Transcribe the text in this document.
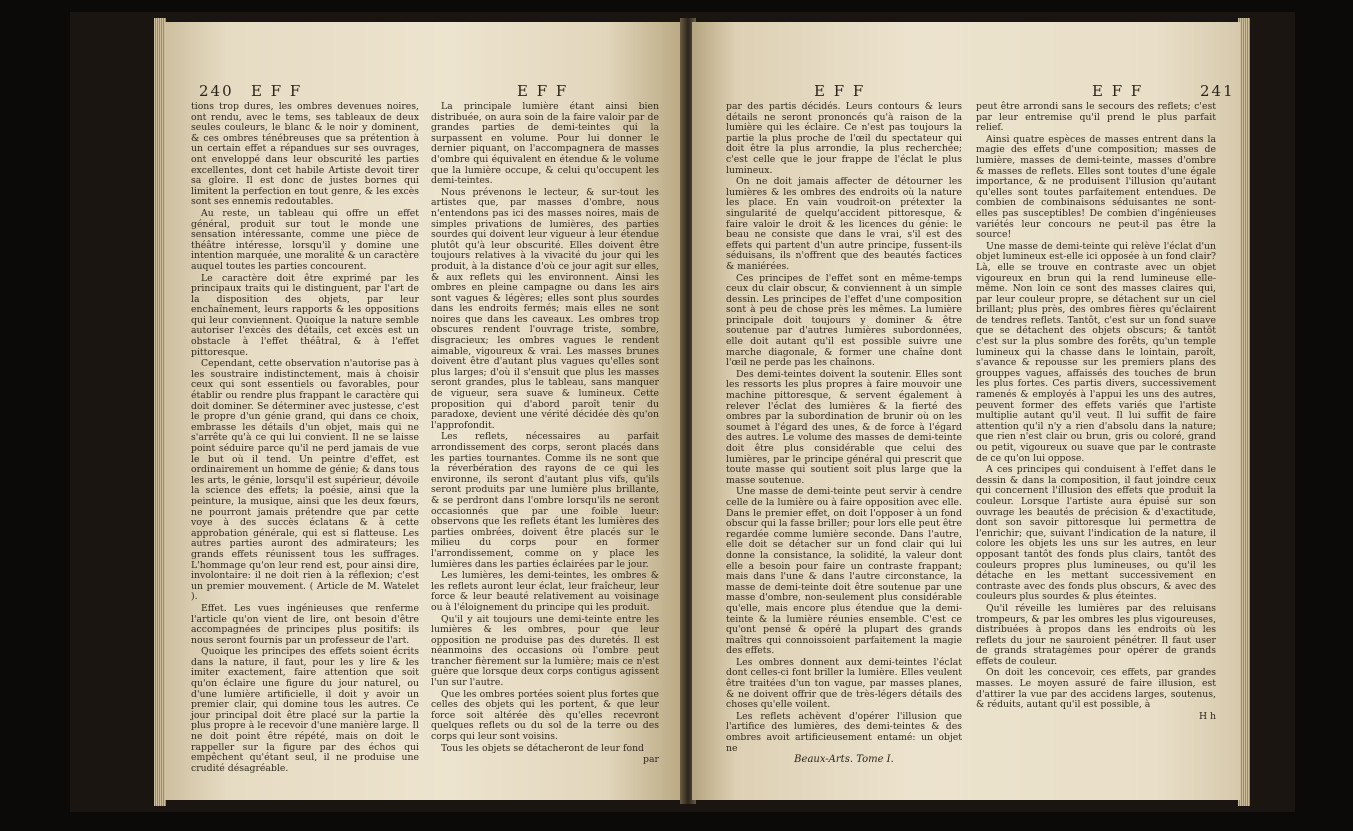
240 E F F	E F F

tions trop dures, les ombres devenues noires, ont rendu, avec le tems, ses tableaux de deux seules couleurs, le blanc & le noir y dominent, & ces ombres ténébreuses que sa prétention à un certain effet a répandues sur ses ouvrages, ont enveloppé dans leur obscurité les parties excellentes, dont cet habile Artiste devoit tirer sa gloire. Il est donc de justes bornes qui limitent la perfection en tout genre, & les excès sont ses ennemis redoutables.

Au reste, un tableau qui offre un effet général, produit sur tout le monde une sensation intéressante, comme une pièce de théâtre intéresse, lorsqu'il y domine une intention marquée, une moralité & un caractère auquel toutes les parties concourent.

Le caractère doit être exprimé par les principaux traits qui le distinguent, par l'art de la disposition des objets, par leur enchaînement, leurs rapports & les oppositions qui leur conviennent. Quoique la nature semble autoriser l'excès des détails, cet excès est un obstacle à l'effet théâtral, & à l'effet pittoresque.

Cependant, cette observation n'autorise pas à les soustraire indistinctement, mais à choisir ceux qui sont essentiels ou favorables, pour établir ou rendre plus frappant le caractère qui doit dominer. Se déterminer avec justesse, c'est le propre d'un génie grand, qui dans ce choix, embrasse les détails d'un objet, mais qui ne s'arrête qu'à ce qui lui convient. Il ne se laisse point séduire parce qu'il ne perd jamais de vue le but où il tend. Un peintre d'effet, est ordinairement un homme de génie; & dans tous les arts, le génie, lorsqu'il est supérieur, dévoile la science des effets; la poésie, ainsi que la peinture, la musique, ainsi que les deux fœurs, ne pourront jamais prétendre que par cette voye à des succès éclatans & à cette approbation générale, qui est si flatteuse. Les autres parties auront des admirateurs; les grands effets réunissent tous les suffrages. L'hommage qu'on leur rend est, pour ainsi dire, involontaire: il ne doit rien à la réflexion; c'est un premier mouvement. ( Article de M. Watelet ).

Effet. Les vues ingénieuses que renferme l'article qu'on vient de lire, ont besoin d'être accompagnées de principes plus positifs: ils nous seront fournis par un professeur de l'art.

Quoique les principes des effets soient écrits dans la nature, il faut, pour les y lire & les imiter exactement, faire attention que soit qu'on éclaire une figure du jour naturel, ou d'une lumière artificielle, il doit y avoir un premier clair, qui domine tous les autres. Ce jour principal doit être placé sur la partie la plus propre à le recevoir d'une manière large. Il ne doit point être répété, mais on doit le rappeller sur la figure par des échos qui empêchent qu'étant seul, il ne produise une crudité désagréable.

La principale lumière étant ainsi bien distribuée, on aura soin de la faire valoir par de grandes parties de demi-teintes qui la surpassent en volume. Pour lui donner le dernier piquant, on l'accompagnera de masses d'ombre qui équivalent en étendue & le volume que la lumière occupe, & celui qu'occupent les demi-teintes.

Nous prévenons le lecteur, & sur-tout les artistes que, par masses d'ombre, nous n'entendons pas ici des masses noires, mais de simples privations de lumières, des parties sourdes qui doivent leur vigueur à leur étendue plutôt qu'à leur obscurité. Elles doivent être toujours relatives à la vivacité du jour qui les produit, à la distance d'où ce jour agit sur elles, & aux reflets qui les environnent. Ainsi les ombres en pleine campagne ou dans les airs sont vagues & légères; elles sont plus sourdes dans les endroits fermés; mais elles ne sont noires que dans les caveaux. Les ombres trop obscures rendent l'ouvrage triste, sombre, disgracieux; les ombres vagues le rendent aimable, vigoureux & vrai. Les masses brunes doivent être d'autant plus vagues qu'elles sont plus larges; d'où il s'ensuit que plus les masses seront grandes, plus le tableau, sans manquer de vigueur, sera suave & lumineux. Cette proposition qui d'abord paroît tenir du paradoxe, devient une vérité décidée dès qu'on l'approfondit.

Les reflets, nécessaires au parfait arrondissement des corps, seront placés dans les parties tournantes. Comme ils ne sont que la réverbération des rayons de ce qui les environne, ils seront d'autant plus vifs, qu'ils seront produits par une lumière plus brillante, & se perdront dans l'ombre lorsqu'ils ne seront occasionnés que par une foible lueur: observons que les reflets étant les lumières des parties ombrées, doivent être placés sur le milieu du corps pour en former l'arrondissement, comme on y place les lumières dans les parties éclairées par le jour.

Les lumières, les demi-teintes, les ombres & les reflets auront leur éclat, leur fraîcheur, leur force & leur beauté relativement au voisinage ou à l'éloignement du principe qui les produit.

Qu'il y ait toujours une demi-teinte entre les lumières & les ombres, pour que leur opposition ne produise pas des duretés. Il est néanmoins des occasions où l'ombre peut trancher fièrement sur la lumière; mais ce n'est guère que lorsque deux corps contigus agissent l'un sur l'autre.

Que les ombres portées soient plus fortes que celles des objets qui les portent, & que leur force soit altérée dès qu'elles recevront quelques reflets ou du sol de la terre ou des corps qui leur sont voisins.

Tous les objets se détacheront de leur fond

par
E F F	E F F	241

par des partis décidés. Leurs contours & leurs détails ne seront prononcés qu'à raison de la lumière qui les éclaire. Ce n'est pas toujours la partie la plus proche de l'œil du spectateur qui doit être la plus arrondie, la plus recherchée; c'est celle que le jour frappe de l'éclat le plus lumineux.

On ne doit jamais affecter de détourner les lumières & les ombres des endroits où la nature les place. En vain voudroit-on prétexter la singularité de quelqu'accident pittoresque, & faire valoir le droit & les licences du génie: le beau ne consiste que dans le vrai, s'il est des effets qui partent d'un autre principe, fussent-ils séduisans, ils n'offrent que des beautés factices & maniérées.

Ces principes de l'effet sont en même-temps ceux du clair obscur, & conviennent à un simple dessin. Les principes de l'effet d'une composition sont à peu de chose près les mêmes. La lumière principale doit toujours y dominer & être soutenue par d'autres lumières subordonnées, elle doit autant qu'il est possible suivre une marche diagonale, & former une chaîne dont l'œil ne perde pas les chaînons.

Des demi-teintes doivent la soutenir. Elles sont les ressorts les plus propres à faire mouvoir une machine pittoresque, & servent également à relever l'éclat des lumières & la fierté des ombres par la subordination de brunir où on les soumet à l'égard des unes, & de force à l'égard des autres. Le volume des masses de demi-teinte doit être plus considérable que celui des lumières, par le principe général qui prescrit que toute masse qui soutient soit plus large que la masse soutenue.

Une masse de demi-teinte peut servir à cendre celle de la lumière ou à faire opposition avec elle. Dans le premier effet, on doit l'opposer à un fond obscur qui la fasse briller; pour lors elle peut être regardée comme lumière seconde. Dans l'autre, elle doit se détacher sur un fond clair qui lui donne la consistance, la solidité, la valeur dont elle a besoin pour faire un contraste frappant; mais dans l'une & dans l'autre circonstance, la masse de demi-teinte doit être soutenue par une masse d'ombre, non-seulement plus considérable qu'elle, mais encore plus étendue que la demi-teinte & la lumière réunies ensemble. C'est ce qu'ont pensé & opéré la plupart des grands maîtres qui connoissoient parfaitement la magie des effets.

Les ombres donnent aux demi-teintes l'éclat dont celles-ci font briller la lumière. Elles veulent être traitées d'un ton vague, par masses planes, & ne doivent offrir que de très-légers détails des choses qu'elle voilent.

Les reflets achèvent d'opérer l'illusion que l'artifice des lumières, des demi-teintes & des ombres avoit artificieusement entamé: un objet ne

Beaux-Arts. Tome I.

peut être arrondi sans le secours des reflets; c'est par leur entremise qu'il prend le plus parfait relief.

Ainsi quatre espèces de masses entrent dans la magie des effets d'une composition; masses de lumière, masses de demi-teinte, masses d'ombre & masses de reflets. Elles sont toutes d'une égale importance, & ne produisent l'illusion qu'autant qu'elles sont toutes parfaitement entendues. De combien de combinaisons séduisantes ne sont-elles pas susceptibles! De combien d'ingénieuses variétés leur concours ne peut-il pas être la source!

Une masse de demi-teinte qui relève l'éclat d'un objet lumineux est-elle ici opposée à un fond clair? Là, elle se trouve en contraste avec un objet vigoureux en brun qui la rend lumineuse elle-même. Non loin ce sont des masses claires qui, par leur couleur propre, se détachent sur un ciel brillant; plus près, des ombres fières qu'éclairent de tendres reflets. Tantôt, c'est sur un fond suave que se détachent des objets obscurs; & tantôt c'est sur la plus sombre des forêts, qu'un temple lumineux qui la chasse dans le lointain, paroît, s'avance & repousse sur les premiers plans des grouppes vagues, affaissés des touches de brun les plus fortes. Ces partis divers, successivement ramenés & employés à l'appui les uns des autres, peuvent former des effets variés que l'artiste multiplie autant qu'il veut. Il lui suffit de faire attention qu'il n'y a rien d'absolu dans la nature; que rien n'est clair ou brun, gris ou coloré, grand ou petit, vigoureux ou suave que par le contraste de ce qu'on lui oppose.

A ces principes qui conduisent à l'effet dans le dessin & dans la composition, il faut joindre ceux qui concernent l'illusion des effets que produit la couleur. Lorsque l'artiste aura épuisé sur son ouvrage les beautés de précision & d'exactitude, dont son savoir pittoresque lui permettra de l'enrichir; que, suivant l'indication de la nature, il colore les objets les uns sur les autres, en leur opposant tantôt des fonds plus clairs, tantôt des couleurs propres plus lumineuses, ou qu'il les détache en les mettant successivement en contraste avec des fonds plus obscurs, & avec des couleurs plus sourdes & plus éteintes.

Qu'il réveille les lumières par des reluisans trompeurs, & par les ombres les plus vigoureuses, distribuées à propos dans les endroits où les reflets du jour ne sauroient pénétrer. Il faut user de grands stratagèmes pour opérer de grands effets de couleur.

On doit les concevoir, ces effets, par grandes masses. Le moyen assuré de faire illusion, est d'attirer la vue par des accidens larges, soutenus, & réduits, autant qu'il est possible, à

H h
